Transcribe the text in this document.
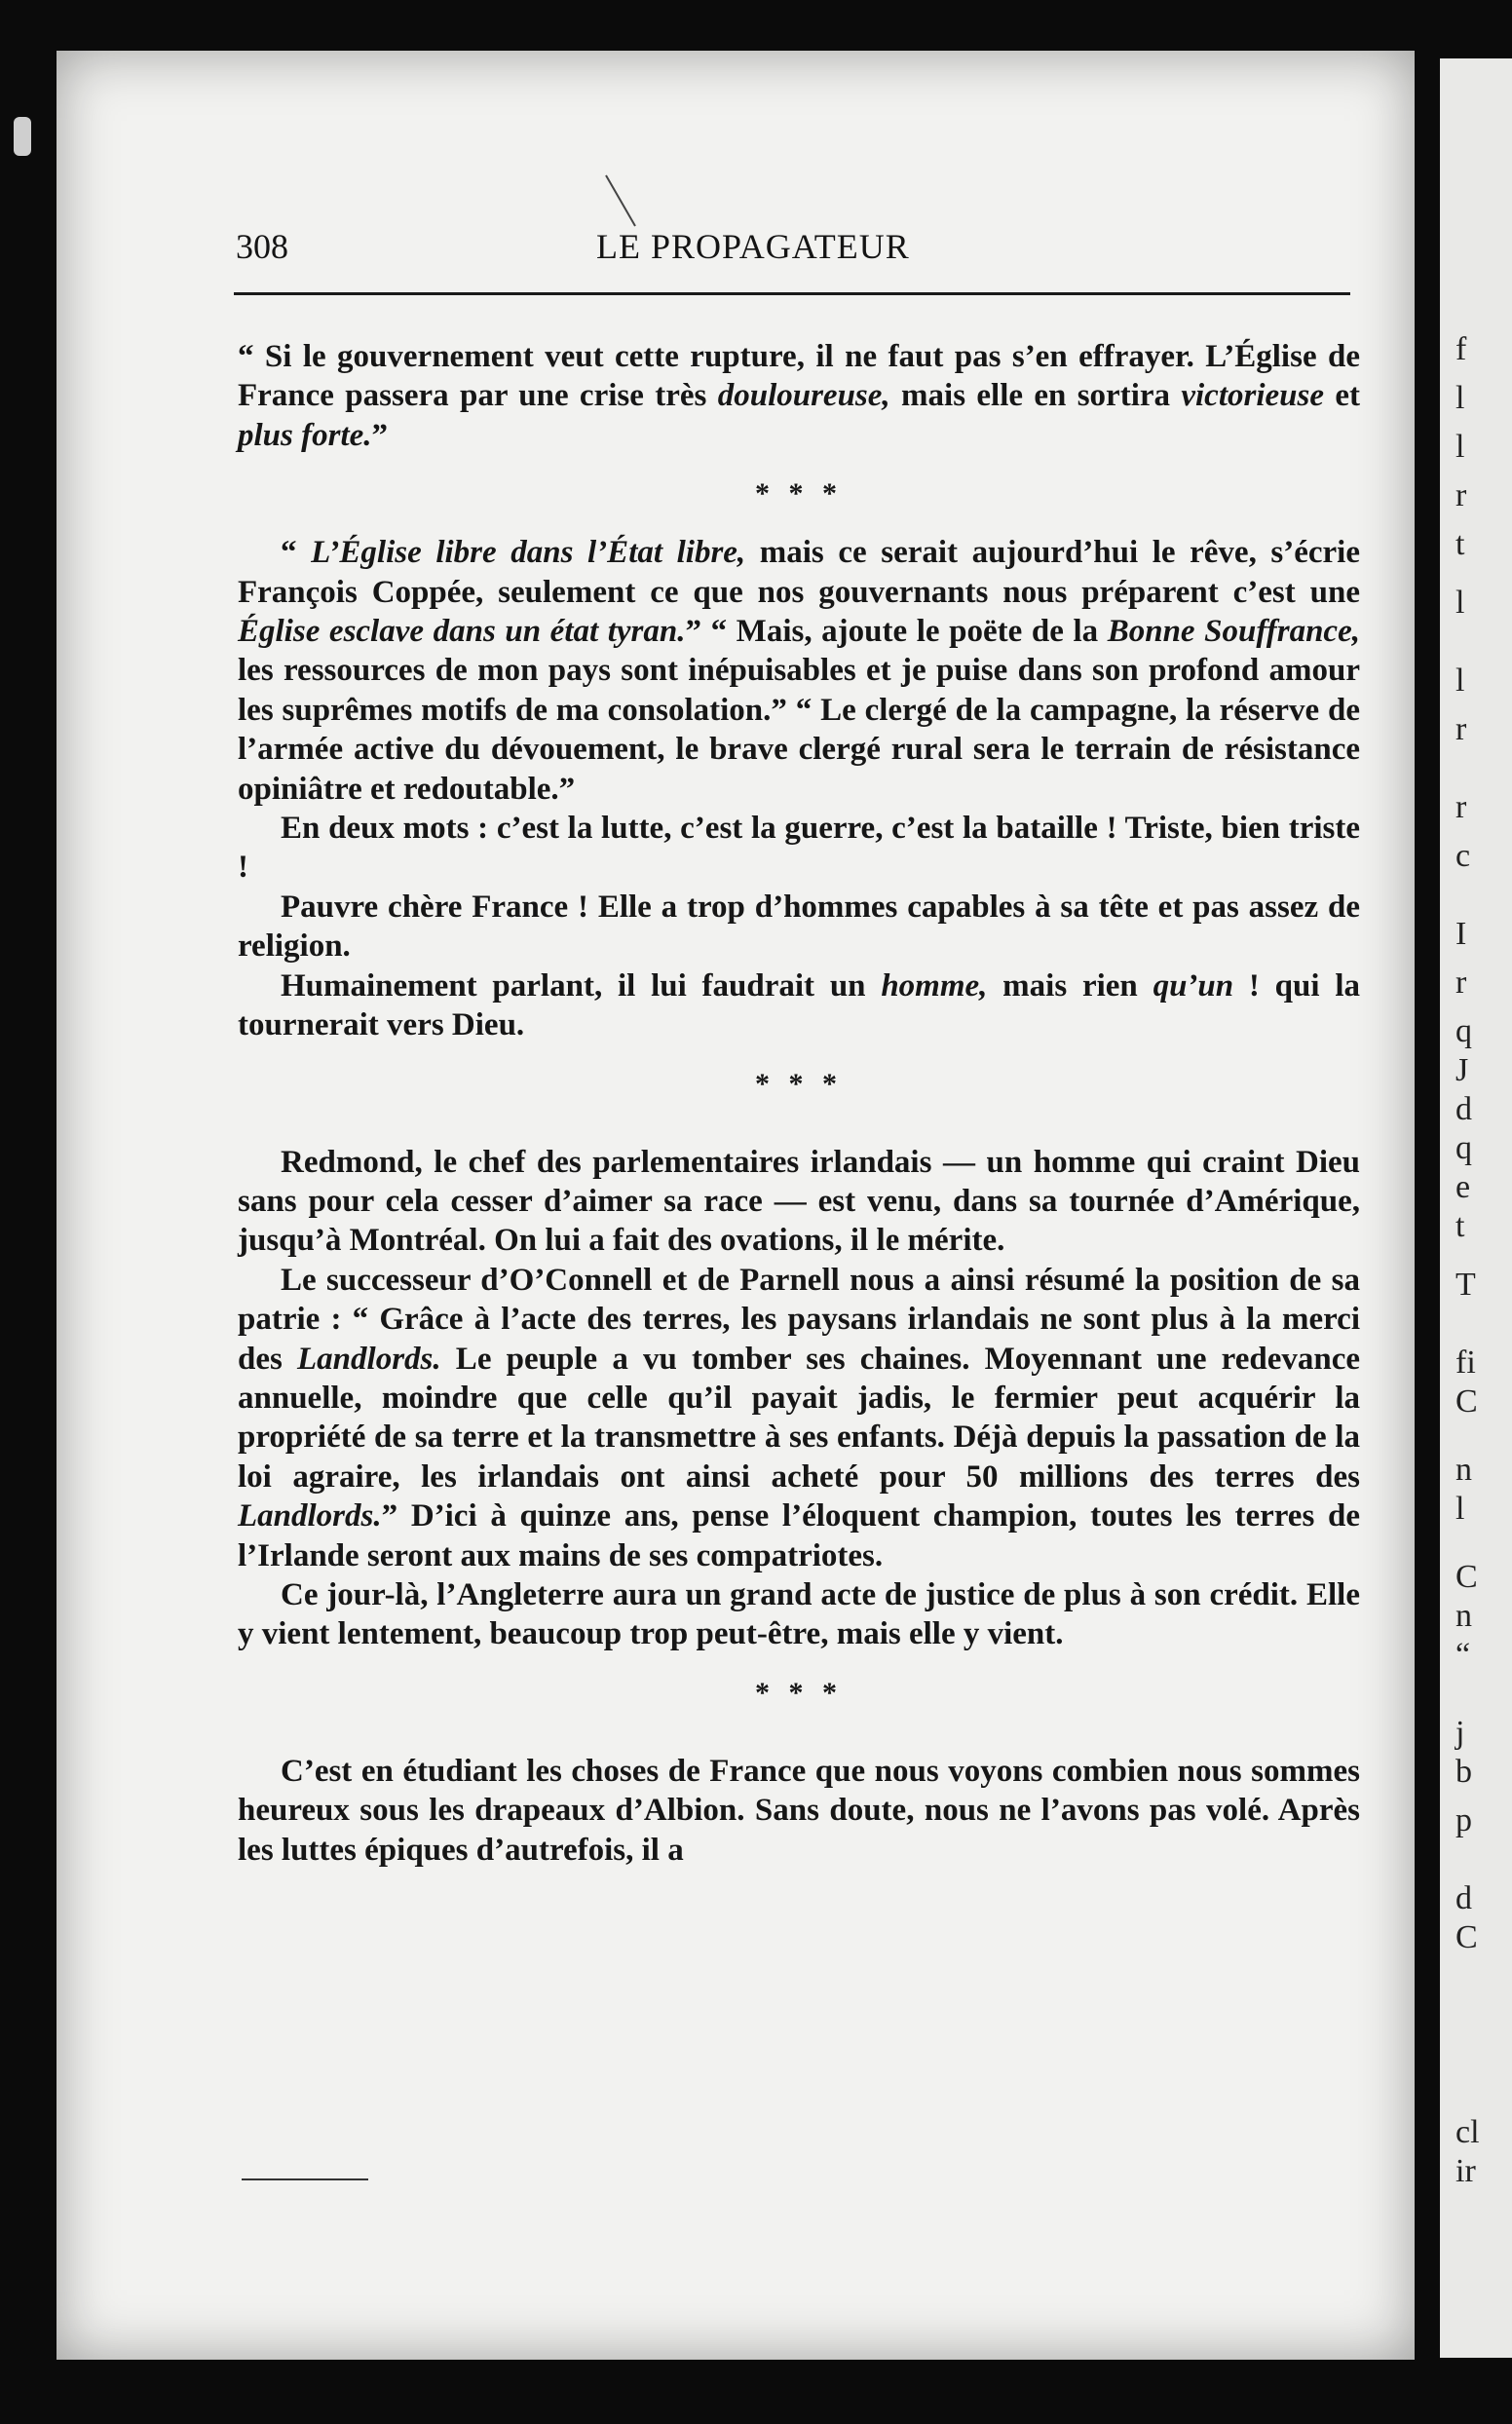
f
l
l
r
t
l
l
r
r
c
I
r
q
J
d
q
e
t
T
fi
C
n
l
C
n
“
j
b
p
d
C
cl
ir
308	LE PROPAGATEUR

“ Si le gouvernement veut cette rupture, il ne faut pas s’en effrayer. L’Église de France passera par une crise très douloureuse, mais elle en sortira victorieuse et plus forte.”

* * *

“ L’Église libre dans l’État libre, mais ce serait aujourd’hui le rêve, s’écrie François Coppée, seulement ce que nos gouvernants nous préparent c’est une Église esclave dans un état tyran.” “ Mais, ajoute le poëte de la Bonne Souffrance, les ressources de mon pays sont inépuisables et je puise dans son profond amour les suprêmes motifs de ma consolation.” “ Le clergé de la campagne, la réserve de l’armée active du dévouement, le brave clergé rural sera le terrain de résistance opiniâtre et redoutable.”

En deux mots : c’est la lutte, c’est la guerre, c’est la bataille ! Triste, bien triste !

Pauvre chère France ! Elle a trop d’hommes capables à sa tête et pas assez de religion.

Humainement parlant, il lui faudrait un homme, mais rien qu’un ! qui la tournerait vers Dieu.

* * *

Redmond, le chef des parlementaires irlandais — un homme qui craint Dieu sans pour cela cesser d’aimer sa race — est venu, dans sa tournée d’Amérique, jusqu’à Montréal. On lui a fait des ovations, il le mérite.

Le successeur d’O’Connell et de Parnell nous a ainsi résumé la position de sa patrie : “ Grâce à l’acte des terres, les paysans irlandais ne sont plus à la merci des Landlords. Le peuple a vu tomber ses chaines. Moyennant une redevance annuelle, moindre que celle qu’il payait jadis, le fermier peut acquérir la propriété de sa terre et la transmettre à ses enfants. Déjà depuis la passation de la loi agraire, les irlandais ont ainsi acheté pour 50 millions des terres des Landlords.” D’ici à quinze ans, pense l’éloquent champion, toutes les terres de l’Irlande seront aux mains de ses compatriotes.

Ce jour-là, l’Angleterre aura un grand acte de justice de plus à son crédit. Elle y vient lentement, beaucoup trop peut-être, mais elle y vient.

* * *

C’est en étudiant les choses de France que nous voyons combien nous sommes heureux sous les drapeaux d’Albion. Sans doute, nous ne l’avons pas volé. Après les luttes épiques d’autrefois, il a
